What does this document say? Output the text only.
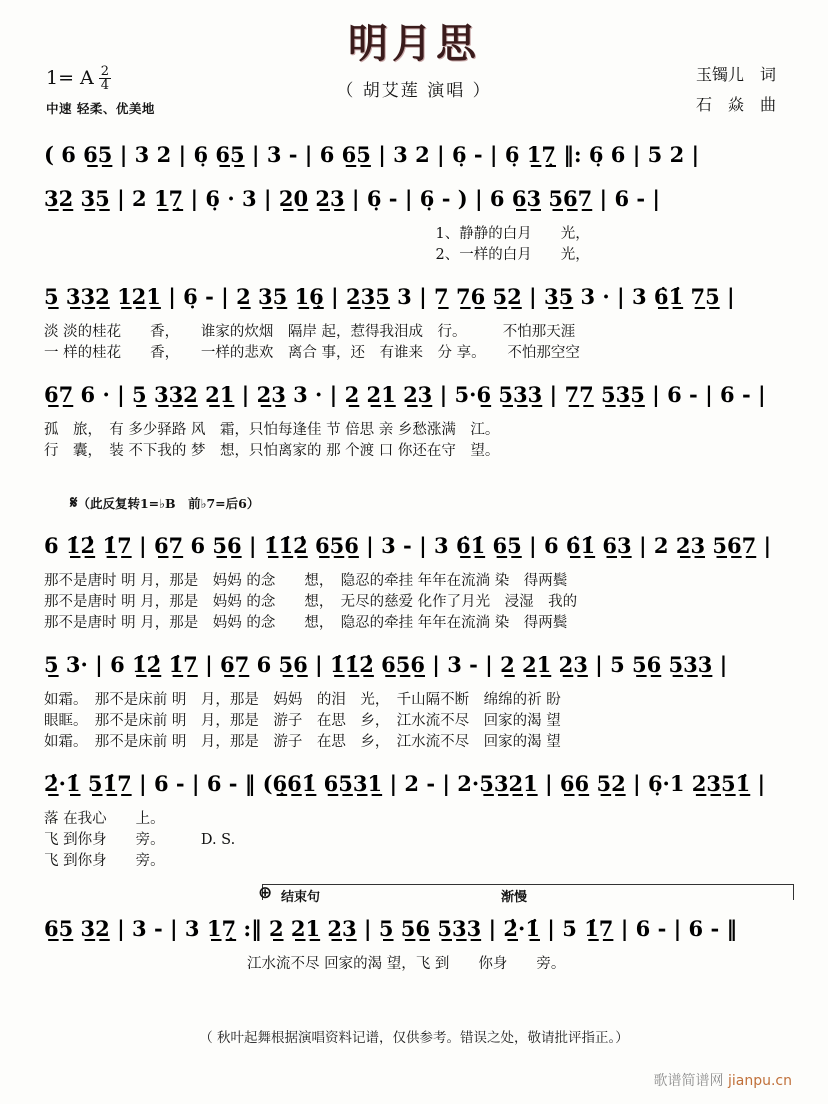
明月思
（ 胡艾莲 演唱 ）
1= A $\frac{2}{4}$
中速 轻柔、优美地
玉镯儿　词
石　焱　曲
( 6 6̲5̲ | 3 2 | 6̣ 6̲5̲ | 3 - | 6 6̲5̲ | 3 2 | 6̣ - | 6̣ 1̲7̲̣ ‖: 6̣ 6 | 5 2 |
3̲2̲ 3̲5̲ | 2 1̲7̲̣ | 6̣ · 3 | 2̲0̲ 2̲3̲ | 6̣ - | 6̣ - ) | 6 6̲3̲ 5̲6̲7̲ | 6 - |
　　　　　　　　　　　　　　　　　　　　　　　　　　　1、静静的白月　　光，
　　　　　　　　　　　　　　　　　　　　　　　　　　　2、一样的白月　　光，
5̲ 3̲3̲2̲ 1̲2̲1̲ | 6̣ - | 2̲ 3̲5̲ 1̲6̲̣ | 2̲3̲5̲ 3 | 7̲ 7̲6̲ 5̲2̲ | 3̲5̲ 3 · | 3 6̲̇1̲̇ 7̲5̲ |
淡 淡的桂花　　香，　　谁家的炊烟　隔岸 起，惹得我泪成　行。　　　不怕那天涯
一 样的桂花　　香，　　一样的悲欢　离合 事，还　有谁来　分 享。　　不怕那空空
6̲7̲ 6 · | 5̲ 3̲3̲2̲ 2̲1̲ | 2̲3̲ 3 · | 2̲ 2̲1̲ 2̲3̲ | 5·6̲ 5̲3̲3̲ | 7̲7̲ 5̲3̲5̲ | 6 - | 6 - |
孤　旅，　有 多少驿路 风　霜，只怕每逢佳 节 倍思 亲 乡愁涨满　江。
行　囊，　装 不下我的 梦　想，只怕离家的 那 个渡 口 你还在守　望。

𝄋（此反复转1=♭B　前♭7=后6）

6 1̲̇2̲̇ 1̲̇7̲ | 6̲7̲ 6 5̲6̲ | 1̲̇1̲̇2̲̇ 6̲5̲6̲ | 3 - | 3 6̲̇1̲̇ 6̲5̲ | 6 6̲̇1̲̇ 6̲3̲ | 2 2̲3̲ 5̲6̲7̲ |
那不是唐时 明 月，那是　妈妈 的念　　想，　隐忍的牵挂 年年在流淌 染　得两鬓
那不是唐时 明 月，那是　妈妈 的念　　想，　无尽的慈爱 化作了月光　浸湿　我的
那不是唐时 明 月，那是　妈妈 的念　　想，　隐忍的牵挂 年年在流淌 染　得两鬓
5̲ 3· | 6 1̲̇2̲̇ 1̲̇7̲ | 6̲7̲ 6 5̲6̲ | 1̲̇1̲̇2̲̇ 6̲5̲6̲ | 3 - | 2̲ 2̲1̲ 2̲3̲ | 5 5̲6̲ 5̲3̲3̲ |
如霜。　那不是床前 明　月，那是　妈妈　的泪　光，　千山隔不断　绵绵的祈 盼
眼眶。　那不是床前 明　月，那是　游子　在思　乡，　江水流不尽　回家的渴 望
如霜。　那不是床前 明　月，那是　游子　在思　乡，　江水流不尽　回家的渴 望
2̲̇·1̲̇ 5̲1̲̇7̲ | 6 - | 6 - ‖ (6̲̣6̲1̲̇ 6̲5̲3̲1̲ | 2 - | 2·5̲3̲2̲1̲ | 6̲6̲ 5̲2̲ | 6̣·1 2̲3̲5̲1̲̇ |
落 在我心　　上。
飞 到你身　　旁。　　　D. S.
飞 到你身　　旁。
⊕ 结束句	渐慢
6̲5̲ 3̲2̲ | 3 - | 3 1̲7̲̣ :‖ 2̲ 2̲1̲ 2̲3̲ | 5̲ 5̲6̲ 5̲3̲3̲ | 2̲̇·1̲̇ | 5 1̲̇7̲ | 6 - | 6 - ‖
　　　　　　　　　　　　　　江水流不尽 回家的渴 望，飞 到　　你身　　旁。
（ 秋叶起舞根据演唱资料记谱，仅供参考。错误之处，敬请批评指正。）
歌谱简谱网 jianpu.cn
